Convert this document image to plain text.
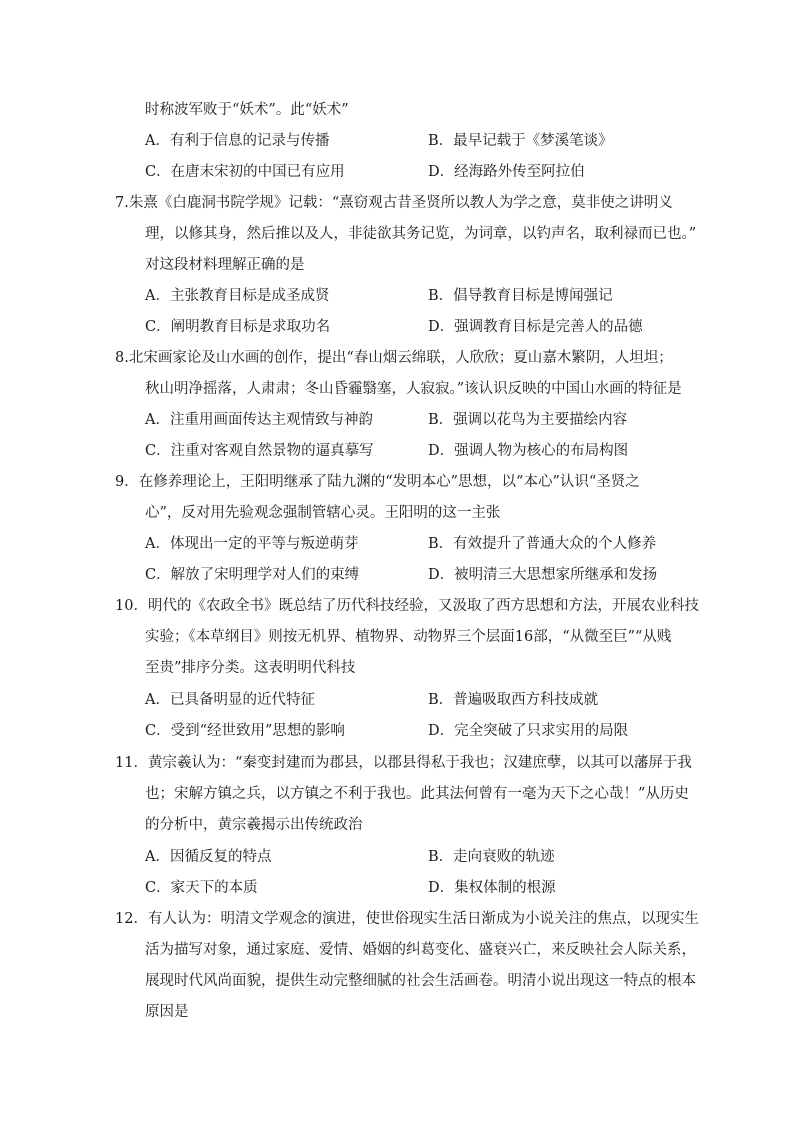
时称波军败于“妖术”。此“妖术”
A．有利于信息的记录与传播	B．最早记载于《梦溪笔谈》
C．在唐末宋初的中国已有应用	D．经海路外传至阿拉伯
7.朱熹《白鹿洞书院学规》记载：“熹窃观古昔圣贤所以教人为学之意，莫非使之讲明义
理，以修其身，然后推以及人，非徒欲其务记览，为词章，以钓声名，取利禄而已也。”
对这段材料理解正确的是
A．主张教育目标是成圣成贤	B．倡导教育目标是博闻强记
C．阐明教育目标是求取功名	D．强调教育目标是完善人的品德
8.北宋画家论及山水画的创作，提出“春山烟云绵联，人欣欣；夏山嘉木繁阴，人坦坦；
秋山明净摇落，人肃肃；冬山昏霾翳塞，人寂寂。”该认识反映的中国山水画的特征是
A．注重用画面传达主观情致与神韵	B．强调以花鸟为主要描绘内容
C．注重对客观自然景物的逼真摹写	D．强调人物为核心的布局构图
9．在修养理论上，王阳明继承了陆九渊的“发明本心”思想，以“本心”认识“圣贤之
心”，反对用先验观念强制管辖心灵。王阳明的这一主张
A．体现出一定的平等与叛逆萌芽	B．有效提升了普通大众的个人修养
C．解放了宋明理学对人们的束缚	D．被明清三大思想家所继承和发扬
10．明代的《农政全书》既总结了历代科技经验，又汲取了西方思想和方法，开展农业科技
实验；《本草纲目》则按无机界、植物界、动物界三个层面16部，“从微至巨”“从贱
至贵”排序分类。这表明明代科技
A．已具备明显的近代特征	B．普遍吸取西方科技成就
C．受到“经世致用”思想的影响	D．完全突破了只求实用的局限
11．黄宗羲认为：“秦变封建而为郡县，以郡县得私于我也；汉建庶孽，以其可以藩屏于我
也；宋解方镇之兵，以方镇之不利于我也。此其法何曾有一毫为天下之心哉！”从历史
的分析中，黄宗羲揭示出传统政治
A．因循反复的特点	B．走向衰败的轨迹
C．家天下的本质	D．集权体制的根源
12．有人认为：明清文学观念的演进，使世俗现实生活日渐成为小说关注的焦点，以现实生
活为描写对象，通过家庭、爱情、婚姻的纠葛变化、盛衰兴亡，来反映社会人际关系，
展现时代风尚面貌，提供生动完整细腻的社会生活画卷。明清小说出现这一特点的根本
原因是
